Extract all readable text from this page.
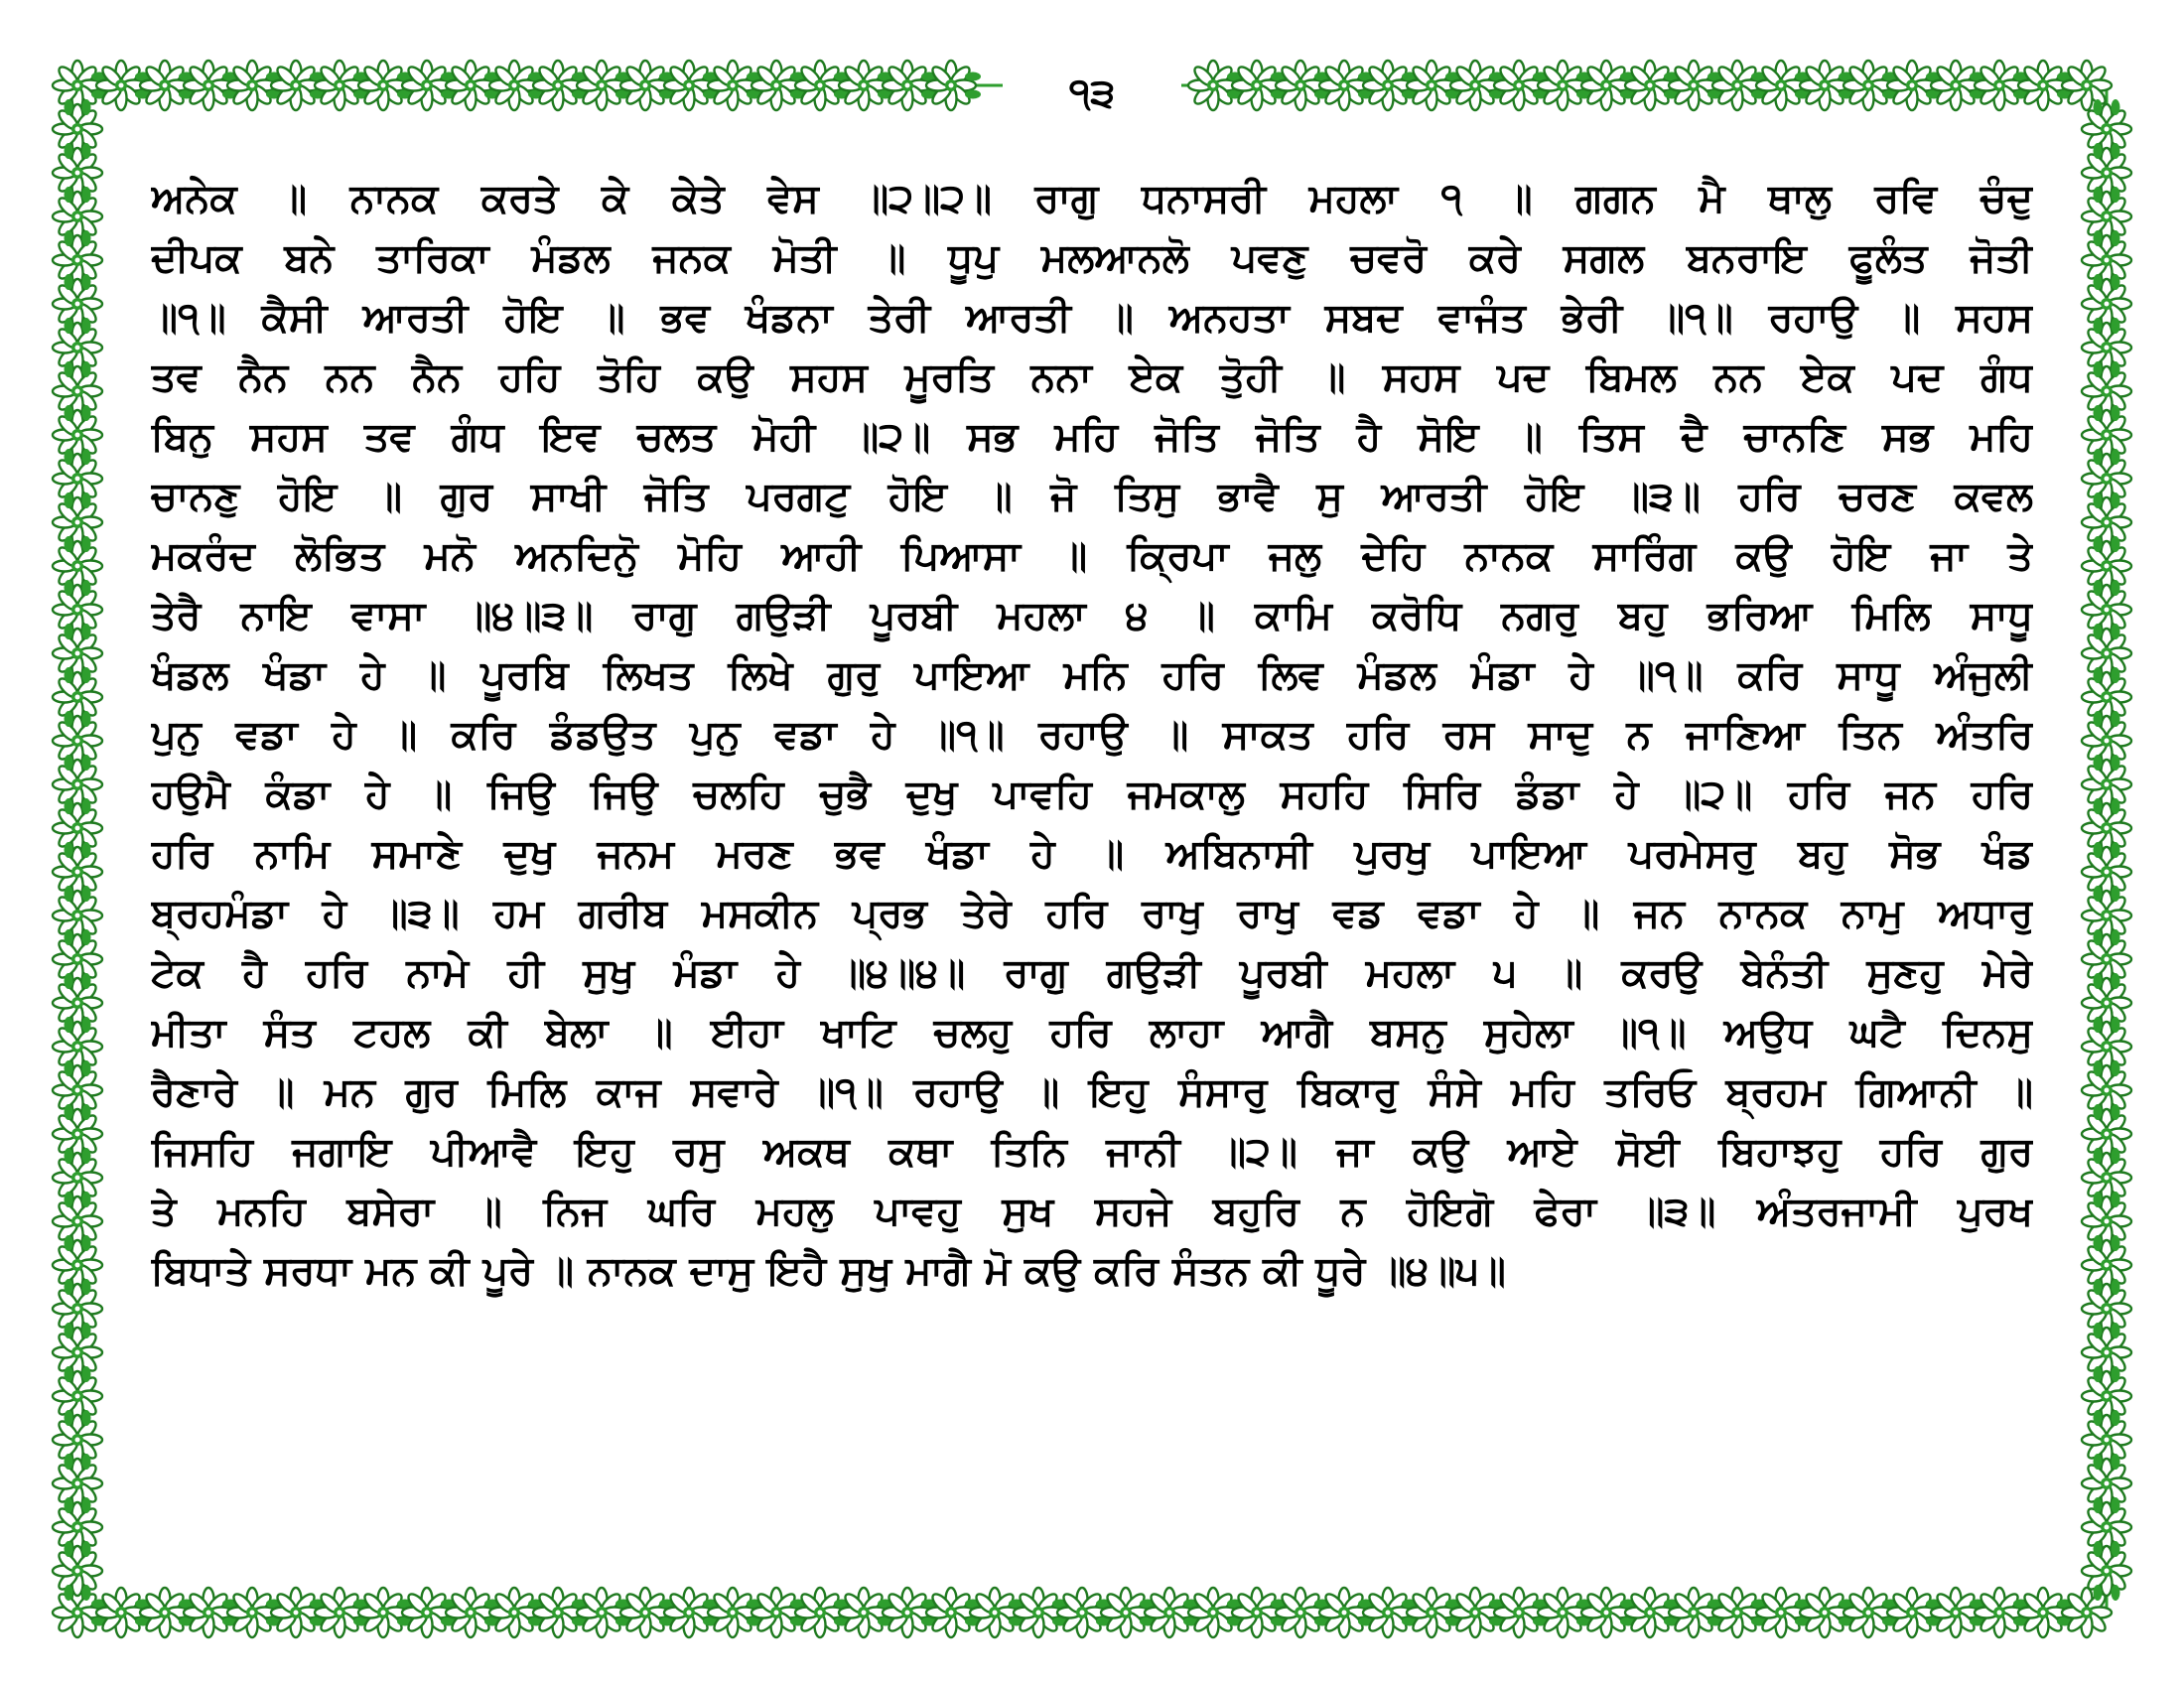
੧੩
ਅਨੇਕ ॥ ਨਾਨਕ ਕਰਤੇ ਕੇ ਕੇਤੇ ਵੇਸ ॥੨॥੨॥ ਰਾਗੁ ਧਨਾਸਰੀ ਮਹਲਾ ੧ ॥ ਗਗਨ ਮੈ ਥਾਲੁ ਰਵਿ ਚੰਦੁ
ਦੀਪਕ ਬਨੇ ਤਾਰਿਕਾ ਮੰਡਲ ਜਨਕ ਮੋਤੀ ॥ ਧੂਪੁ ਮਲਆਨਲੋ ਪਵਣੁ ਚਵਰੋ ਕਰੇ ਸਗਲ ਬਨਰਾਇ ਫੂਲੰਤ ਜੋਤੀ
॥੧॥ ਕੈਸੀ ਆਰਤੀ ਹੋਇ ॥ ਭਵ ਖੰਡਨਾ ਤੇਰੀ ਆਰਤੀ ॥ ਅਨਹਤਾ ਸਬਦ ਵਾਜੰਤ ਭੇਰੀ ॥੧॥ ਰਹਾਉ ॥ ਸਹਸ
ਤਵ ਨੈਨ ਨਨ ਨੈਨ ਹਹਿ ਤੋਹਿ ਕਉ ਸਹਸ ਮੂਰਤਿ ਨਨਾ ਏਕ ਤੁੋਹੀ ॥ ਸਹਸ ਪਦ ਬਿਮਲ ਨਨ ਏਕ ਪਦ ਗੰਧ
ਬਿਨੁ ਸਹਸ ਤਵ ਗੰਧ ਇਵ ਚਲਤ ਮੋਹੀ ॥੨॥ ਸਭ ਮਹਿ ਜੋਤਿ ਜੋਤਿ ਹੈ ਸੋਇ ॥ ਤਿਸ ਦੈ ਚਾਨਣਿ ਸਭ ਮਹਿ
ਚਾਨਣੁ ਹੋਇ ॥ ਗੁਰ ਸਾਖੀ ਜੋਤਿ ਪਰਗਟੁ ਹੋਇ ॥ ਜੋ ਤਿਸੁ ਭਾਵੈ ਸੁ ਆਰਤੀ ਹੋਇ ॥੩॥ ਹਰਿ ਚਰਣ ਕਵਲ
ਮਕਰੰਦ ਲੋਭਿਤ ਮਨੋ ਅਨਦਿਨੋੁ ਮੋਹਿ ਆਹੀ ਪਿਆਸਾ ॥ ਕ੍ਰਿਪਾ ਜਲੁ ਦੇਹਿ ਨਾਨਕ ਸਾਰਿੰਗ ਕਉ ਹੋਇ ਜਾ ਤੇ
ਤੇਰੈ ਨਾਇ ਵਾਸਾ ॥੪॥੩॥ ਰਾਗੁ ਗਉੜੀ ਪੂਰਬੀ ਮਹਲਾ ੪ ॥ ਕਾਮਿ ਕਰੋਧਿ ਨਗਰੁ ਬਹੁ ਭਰਿਆ ਮਿਲਿ ਸਾਧੂ
ਖੰਡਲ ਖੰਡਾ ਹੇ ॥ ਪੂਰਬਿ ਲਿਖਤ ਲਿਖੇ ਗੁਰੁ ਪਾਇਆ ਮਨਿ ਹਰਿ ਲਿਵ ਮੰਡਲ ਮੰਡਾ ਹੇ ॥੧॥ ਕਰਿ ਸਾਧੂ ਅੰਜੁਲੀ
ਪੁਨੁ ਵਡਾ ਹੇ ॥ ਕਰਿ ਡੰਡਉਤ ਪੁਨੁ ਵਡਾ ਹੇ ॥੧॥ ਰਹਾਉ ॥ ਸਾਕਤ ਹਰਿ ਰਸ ਸਾਦੁ ਨ ਜਾਣਿਆ ਤਿਨ ਅੰਤਰਿ
ਹਉਮੈ ਕੰਡਾ ਹੇ ॥ ਜਿਉ ਜਿਉ ਚਲਹਿ ਚੁਭੈ ਦੁਖੁ ਪਾਵਹਿ ਜਮਕਾਲੁ ਸਹਹਿ ਸਿਰਿ ਡੰਡਾ ਹੇ ॥੨॥ ਹਰਿ ਜਨ ਹਰਿ
ਹਰਿ ਨਾਮਿ ਸਮਾਣੇ ਦੁਖੁ ਜਨਮ ਮਰਣ ਭਵ ਖੰਡਾ ਹੇ ॥ ਅਬਿਨਾਸੀ ਪੁਰਖੁ ਪਾਇਆ ਪਰਮੇਸਰੁ ਬਹੁ ਸੋਭ ਖੰਡ
ਬ੍ਰਹਮੰਡਾ ਹੇ ॥੩॥ ਹਮ ਗਰੀਬ ਮਸਕੀਨ ਪ੍ਰਭ ਤੇਰੇ ਹਰਿ ਰਾਖੁ ਰਾਖੁ ਵਡ ਵਡਾ ਹੇ ॥ ਜਨ ਨਾਨਕ ਨਾਮੁ ਅਧਾਰੁ
ਟੇਕ ਹੈ ਹਰਿ ਨਾਮੇ ਹੀ ਸੁਖੁ ਮੰਡਾ ਹੇ ॥੪॥੪॥ ਰਾਗੁ ਗਉੜੀ ਪੂਰਬੀ ਮਹਲਾ ੫ ॥ ਕਰਉ ਬੇਨੰਤੀ ਸੁਣਹੁ ਮੇਰੇ
ਮੀਤਾ ਸੰਤ ਟਹਲ ਕੀ ਬੇਲਾ ॥ ਈਹਾ ਖਾਟਿ ਚਲਹੁ ਹਰਿ ਲਾਹਾ ਆਗੈ ਬਸਨੁ ਸੁਹੇਲਾ ॥੧॥ ਅਉਧ ਘਟੈ ਦਿਨਸੁ
ਰੈਣਾਰੇ ॥ ਮਨ ਗੁਰ ਮਿਲਿ ਕਾਜ ਸਵਾਰੇ ॥੧॥ ਰਹਾਉ ॥ ਇਹੁ ਸੰਸਾਰੁ ਬਿਕਾਰੁ ਸੰਸੇ ਮਹਿ ਤਰਿਓ ਬ੍ਰਹਮ ਗਿਆਨੀ ॥
ਜਿਸਹਿ ਜਗਾਇ ਪੀਆਵੈ ਇਹੁ ਰਸੁ ਅਕਥ ਕਥਾ ਤਿਨਿ ਜਾਨੀ ॥੨॥ ਜਾ ਕਉ ਆਏ ਸੋਈ ਬਿਹਾਝਹੁ ਹਰਿ ਗੁਰ
ਤੇ ਮਨਹਿ ਬਸੇਰਾ ॥ ਨਿਜ ਘਰਿ ਮਹਲੁ ਪਾਵਹੁ ਸੁਖ ਸਹਜੇ ਬਹੁਰਿ ਨ ਹੋਇਗੋ ਫੇਰਾ ॥੩॥ ਅੰਤਰਜਾਮੀ ਪੁਰਖ
ਬਿਧਾਤੇ ਸਰਧਾ ਮਨ ਕੀ ਪੂਰੇ ॥ ਨਾਨਕ ਦਾਸੁ ਇਹੈ ਸੁਖੁ ਮਾਗੈ ਮੋ ਕਉ ਕਰਿ ਸੰਤਨ ਕੀ ਧੂਰੇ ॥੪॥੫॥
